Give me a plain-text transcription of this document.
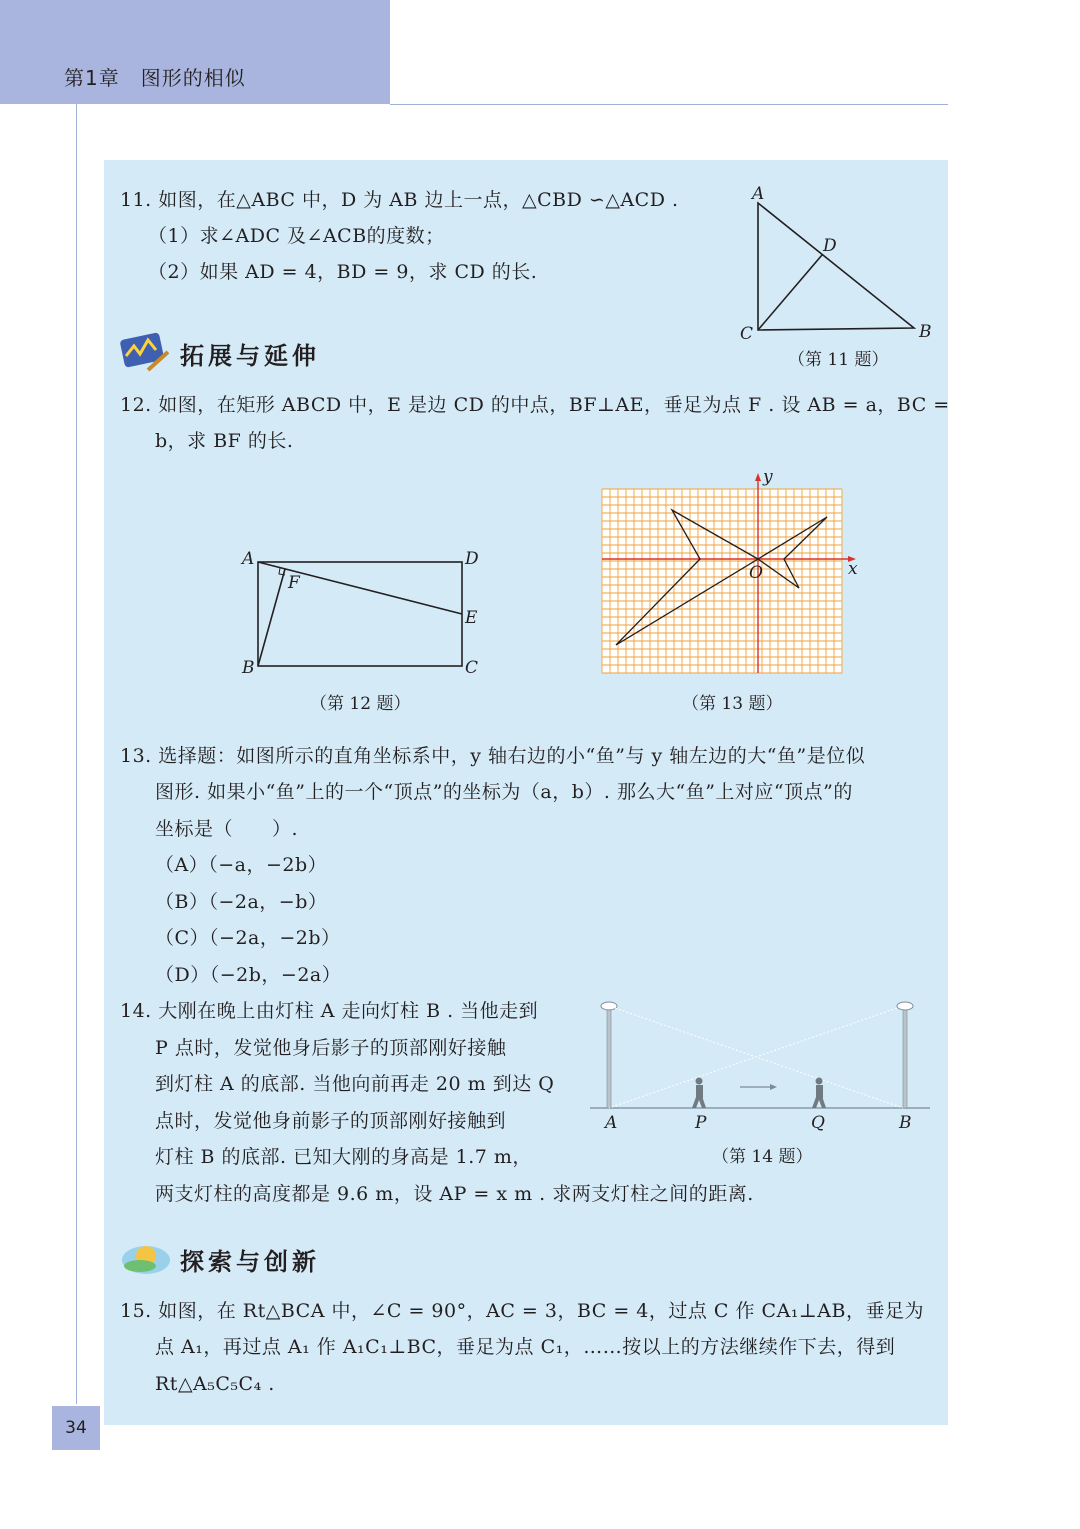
第1章　图形的相似
11. 如图，在△ABC 中，D 为 AB 边上一点，△CBD ∽△ACD .
（1）求∠ADC 及∠ACB的度数；
（2）如果 AD = 4，BD = 9，求 CD 的长.
A
D
C	B
（第 11 题）
拓展与延伸
12. 如图，在矩形 ABCD 中，E 是边 CD 的中点，BF⊥AE，垂足为点 F . 设 AB = a，BC =
b，求 BF 的长.
A	D
F
E
B	C
（第 12 题）
x
y
O
（第 13 题）
13. 选择题：如图所示的直角坐标系中，y 轴右边的小“鱼”与 y 轴左边的大“鱼”是位似
图形. 如果小“鱼”上的一个“顶点”的坐标为（a，b）. 那么大“鱼”上对应“顶点”的
坐标是（　　）.
（A）（−a，−2b）
（B）（−2a，−b）
（C）（−2a，−2b）
（D）（−2b，−2a）
14. 大刚在晚上由灯柱 A 走向灯柱 B . 当他走到
P 点时，发觉他身后影子的顶部刚好接触
到灯柱 A 的底部. 当他向前再走 20 m 到达 Q
点时，发觉他身前影子的顶部刚好接触到
灯柱 B 的底部. 已知大刚的身高是 1.7 m，
两支灯柱的高度都是 9.6 m，设 AP = x m . 求两支灯柱之间的距离.
A	P	Q	B
（第 14 题）
探索与创新
15. 如图，在 Rt△BCA 中，∠C = 90°，AC = 3，BC = 4，过点 C 作 CA₁⊥AB，垂足为
点 A₁，再过点 A₁ 作 A₁C₁⊥BC，垂足为点 C₁，……按以上的方法继续作下去，得到
Rt△A₅C₅C₄ .
34
